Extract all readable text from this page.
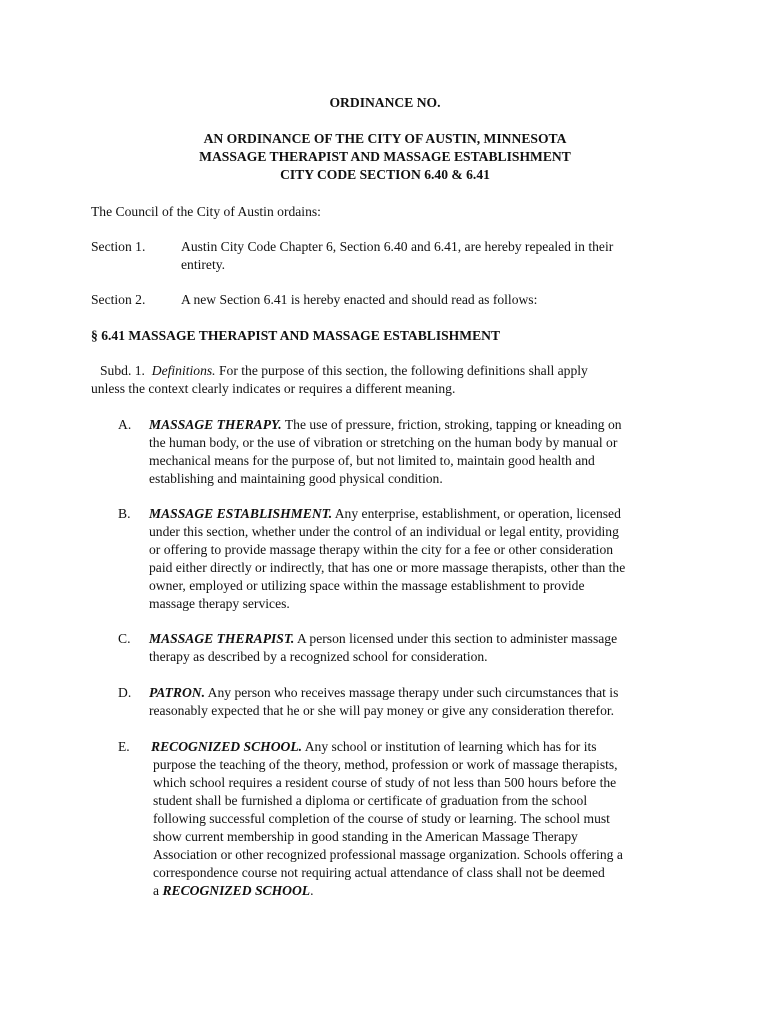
ORDINANCE NO.
AN ORDINANCE OF THE CITY OF AUSTIN, MINNESOTA
MASSAGE THERAPIST AND MASSAGE ESTABLISHMENT
CITY CODE SECTION 6.40 & 6.41
The Council of the City of Austin ordains:
Section 1.	Austin City Code Chapter 6, Section 6.40 and 6.41, are hereby repealed in their
entirety.
Section 2.	A new Section 6.41 is hereby enacted and should read as follows:
§ 6.41 MASSAGE THERAPIST AND MASSAGE ESTABLISHMENT
Subd. 1. Definitions. For the purpose of this section, the following definitions shall apply
unless the context clearly indicates or requires a different meaning.
A. MASSAGE THERAPY. The use of pressure, friction, stroking, tapping or kneading on
the human body, or the use of vibration or stretching on the human body by manual or
mechanical means for the purpose of, but not limited to, maintain good health and
establishing and maintaining good physical condition.
B. MASSAGE ESTABLISHMENT. Any enterprise, establishment, or operation, licensed
under this section, whether under the control of an individual or legal entity, providing
or offering to provide massage therapy within the city for a fee or other consideration
paid either directly or indirectly, that has one or more massage therapists, other than the
owner, employed or utilizing space within the massage establishment to provide
massage therapy services.
C. MASSAGE THERAPIST. A person licensed under this section to administer massage
therapy as described by a recognized school for consideration.
D. PATRON. Any person who receives massage therapy under such circumstances that is
reasonably expected that he or she will pay money or give any consideration therefor.
E. RECOGNIZED SCHOOL. Any school or institution of learning which has for its
purpose the teaching of the theory, method, profession or work of massage therapists,
which school requires a resident course of study of not less than 500 hours before the
student shall be furnished a diploma or certificate of graduation from the school
following successful completion of the course of study or learning. The school must
show current membership in good standing in the American Massage Therapy
Association or other recognized professional massage organization. Schools offering a
correspondence course not requiring actual attendance of class shall not be deemed
a RECOGNIZED SCHOOL.
